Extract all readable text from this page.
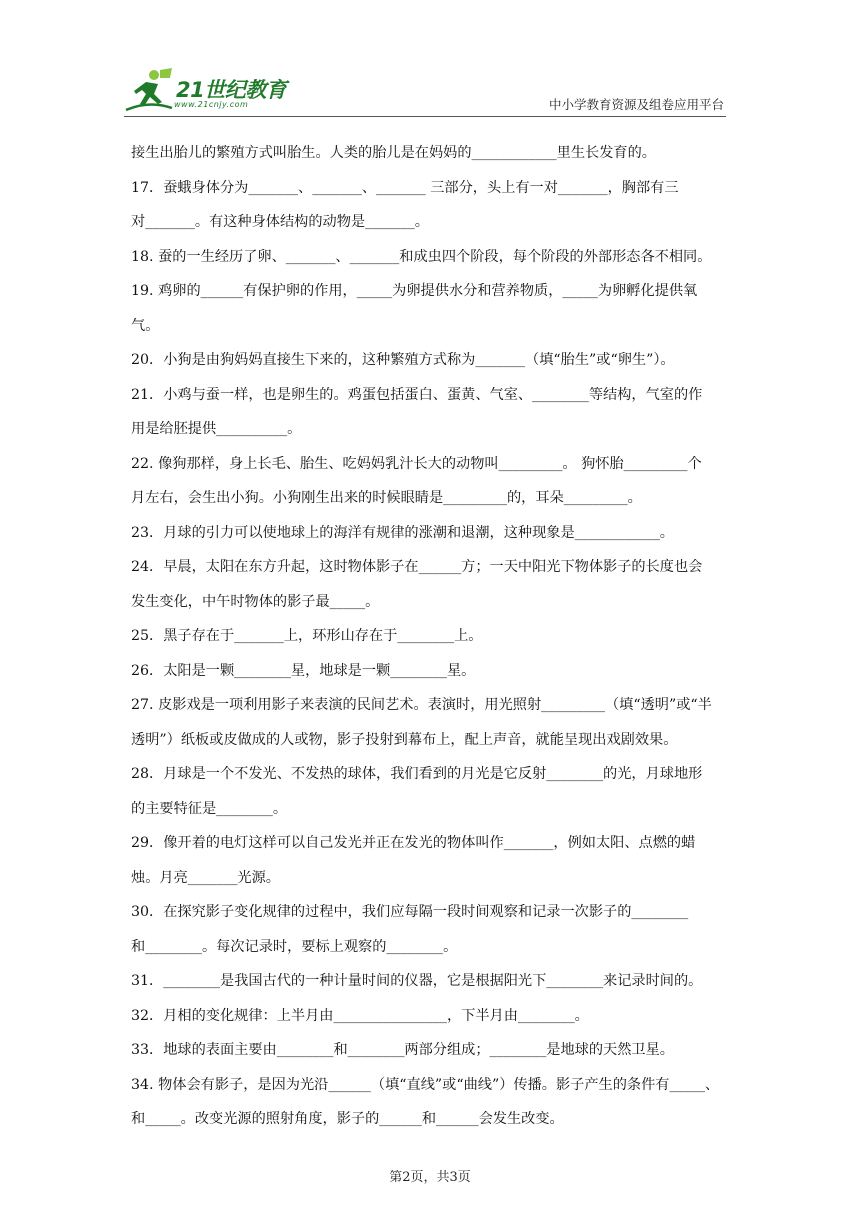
21世纪教育
www.21cnjy.com	中小学教育资源及组卷应用平台
接生出胎儿的繁殖方式叫胎生。人类的胎儿是在妈妈的____________里生长发育的。
17．蚕蛾身体分为_______、_______、_______ 三部分，头上有一对_______，胸部有三
对_______。有这种身体结构的动物是_______。
18. 蚕的一生经历了卵、_______、_______和成虫四个阶段，每个阶段的外部形态各不相同。
19. 鸡卵的______有保护卵的作用，_____为卵提供水分和营养物质，_____为卵孵化提供氧
气。
20．小狗是由狗妈妈直接生下来的，这种繁殖方式称为_______（填“胎生”或“卵生”）。
21．小鸡与蚕一样，也是卵生的。鸡蛋包括蛋白、蛋黄、气室、________等结构，气室的作
用是给胚提供__________。
22. 像狗那样，身上长毛、胎生、吃妈妈乳汁长大的动物叫_________。 狗怀胎_________个
月左右，会生出小狗。小狗刚生出来的时候眼睛是_________的，耳朵_________。
23．月球的引力可以使地球上的海洋有规律的涨潮和退潮，这种现象是____________。
24．早晨，太阳在东方升起，这时物体影子在______方；一天中阳光下物体影子的长度也会
发生变化，中午时物体的影子最_____。
25．黑子存在于_______上，环形山存在于________上。
26．太阳是一颗________星，地球是一颗________星。
27. 皮影戏是一项利用影子来表演的民间艺术。表演时，用光照射_________（填“透明”或“半
透明”）纸板或皮做成的人或物，影子投射到幕布上，配上声音，就能呈现出戏剧效果。
28．月球是一个不发光、不发热的球体，我们看到的月光是它反射________的光，月球地形
的主要特征是________。
29．像开着的电灯这样可以自己发光并正在发光的物体叫作_______，例如太阳、点燃的蜡
烛。月亮_______光源。
30．在探究影子变化规律的过程中，我们应每隔一段时间观察和记录一次影子的________
和________。每次记录时，要标上观察的________。
31．________是我国古代的一种计量时间的仪器，它是根据阳光下________来记录时间的。
32．月相的变化规律：上半月由________________，下半月由________。
33．地球的表面主要由________和________两部分组成；________是地球的天然卫星。
34. 物体会有影子，是因为光沿______（填“直线”或“曲线”）传播。影子产生的条件有_____、
和_____。改变光源的照射角度，影子的______和______会发生改变。
第2页，共3页
